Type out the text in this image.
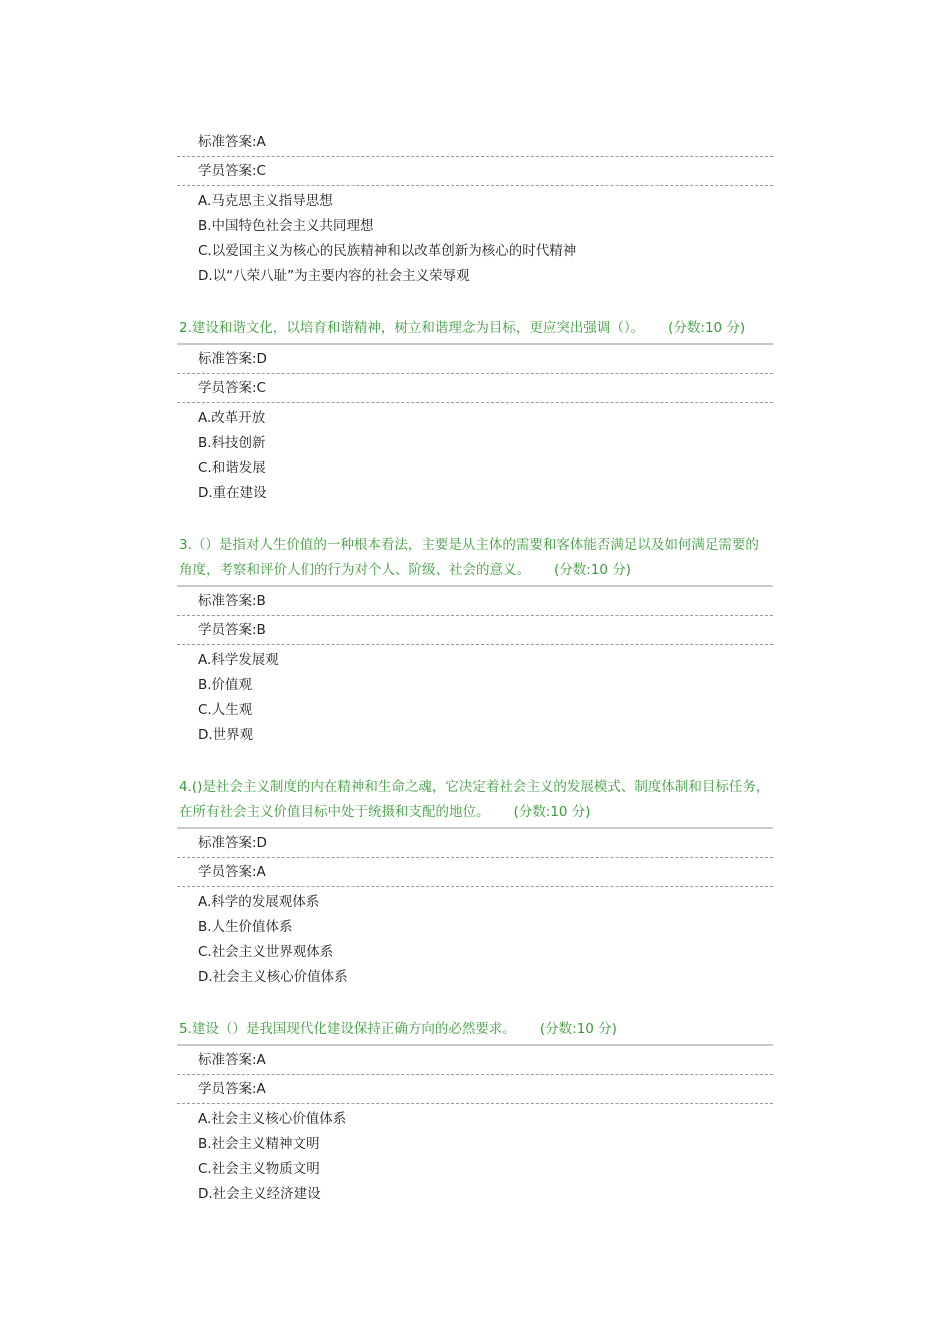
标准答案:A
学员答案:C
A.马克思主义指导思想
B.中国特色社会主义共同理想
C.以爱国主义为核心的民族精神和以改革创新为核心的时代精神
D.以“八荣八耻”为主要内容的社会主义荣辱观
2.建设和谐文化，以培育和谐精神，树立和谐理念为目标，更应突出强调（）。 (分数:10 分)
标准答案:D
学员答案:C
A.改革开放
B.科技创新
C.和谐发展
D.重在建设
3.（）是指对人生价值的一种根本看法，主要是从主体的需要和客体能否满足以及如何满足需要的角度，考察和评价人们的行为对个人、阶级、社会的意义。 (分数:10 分)
标准答案:B
学员答案:B
A.科学发展观
B.价值观
C.人生观
D.世界观
4.()是社会主义制度的内在精神和生命之魂，它决定着社会主义的发展模式、制度体制和目标任务，在所有社会主义价值目标中处于统摄和支配的地位。 (分数:10 分)
标准答案:D
学员答案:A
A.科学的发展观体系
B.人生价值体系
C.社会主义世界观体系
D.社会主义核心价值体系
5.建设（）是我国现代化建设保持正确方向的必然要求。 (分数:10 分)
标准答案:A
学员答案:A
A.社会主义核心价值体系
B.社会主义精神文明
C.社会主义物质文明
D.社会主义经济建设
